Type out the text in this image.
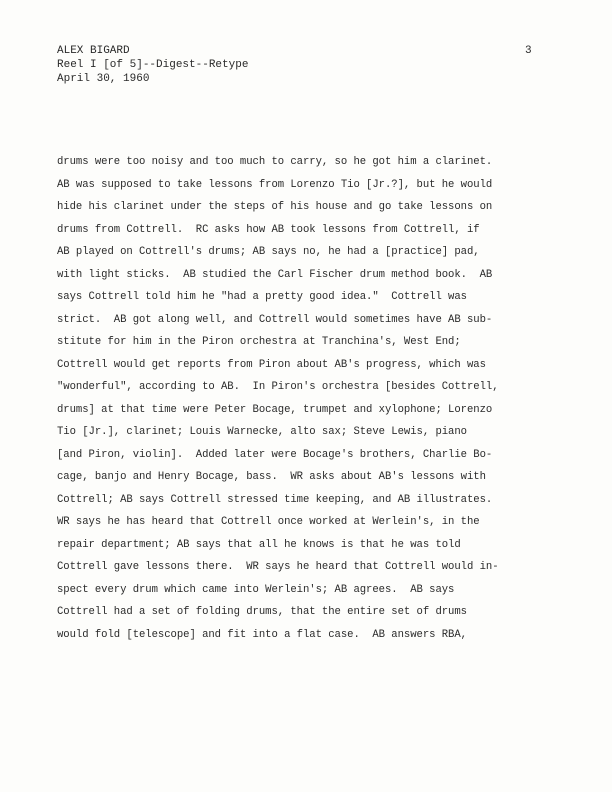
ALEX BIGARD
Reel I [of 5]--Digest--Retype
April 30, 1960
3
drums were too noisy and too much to carry, so he got him a clarinet.
AB was supposed to take lessons from Lorenzo Tio [Jr.?], but he would
hide his clarinet under the steps of his house and go take lessons on
drums from Cottrell.  RC asks how AB took lessons from Cottrell, if
AB played on Cottrell's drums; AB says no, he had a [practice] pad,
with light sticks.  AB studied the Carl Fischer drum method book.  AB
says Cottrell told him he "had a pretty good idea."  Cottrell was
strict.  AB got along well, and Cottrell would sometimes have AB sub-
stitute for him in the Piron orchestra at Tranchina's, West End;
Cottrell would get reports from Piron about AB's progress, which was
"wonderful", according to AB.  In Piron's orchestra [besides Cottrell,
drums] at that time were Peter Bocage, trumpet and xylophone; Lorenzo
Tio [Jr.], clarinet; Louis Warnecke, alto sax; Steve Lewis, piano
[and Piron, violin].  Added later were Bocage's brothers, Charlie Bo-
cage, banjo and Henry Bocage, bass.  WR asks about AB's lessons with
Cottrell; AB says Cottrell stressed time keeping, and AB illustrates.
WR says he has heard that Cottrell once worked at Werlein's, in the
repair department; AB says that all he knows is that he was told
Cottrell gave lessons there.  WR says he heard that Cottrell would in-
spect every drum which came into Werlein's; AB agrees.  AB says
Cottrell had a set of folding drums, that the entire set of drums
would fold [telescope] and fit into a flat case.  AB answers RBA,
